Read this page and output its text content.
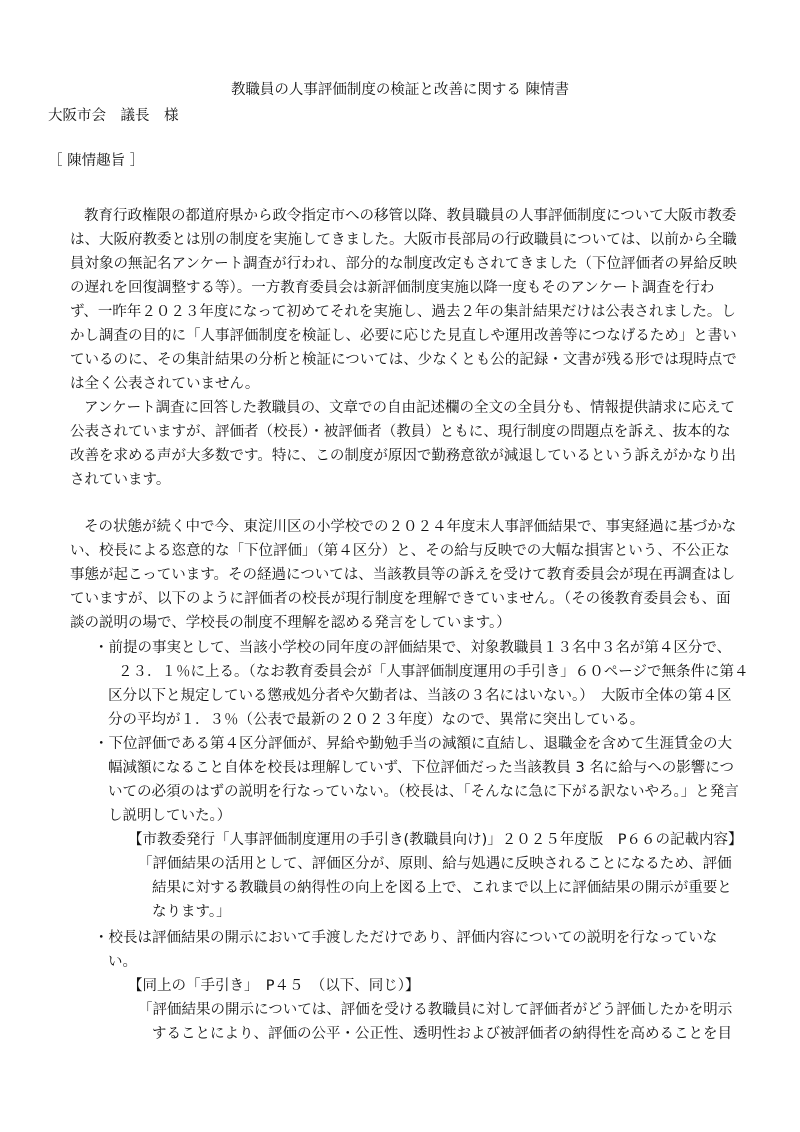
教職員の人事評価制度の検証と改善に関する 陳情書
大阪市会　議長　様
［ 陳情趣旨 ］
教育行政権限の都道府県から政令指定市への移管以降、教員職員の人事評価制度について大阪市教委
は、大阪府教委とは別の制度を実施してきました。大阪市長部局の行政職員については、以前から全職
員対象の無記名アンケート調査が行われ、部分的な制度改定もされてきました（下位評価者の昇給反映
の遅れを回復調整する等）。一方教育委員会は新評価制度実施以降一度もそのアンケート調査を行わ
ず、一昨年２０２３年度になって初めてそれを実施し、過去２年の集計結果だけは公表されました。し
かし調査の目的に「人事評価制度を検証し、必要に応じた見直しや運用改善等につなげるため」と書い
ているのに、その集計結果の分析と検証については、少なくとも公的記録・文書が残る形では現時点で
は全く公表されていません。
アンケート調査に回答した教職員の、文章での自由記述欄の全文の全員分も、情報提供請求に応えて
公表されていますが、評価者（校長）・被評価者（教員）ともに、現行制度の問題点を訴え、抜本的な
改善を求める声が大多数です。特に、この制度が原因で勤務意欲が減退しているという訴えがかなり出
されています。
その状態が続く中で今、東淀川区の小学校での２０２４年度末人事評価結果で、事実経過に基づかな
い、校長による恣意的な「下位評価」（第４区分）と、その給与反映での大幅な損害という、不公正な
事態が起こっています。その経過については、当該教員等の訴えを受けて教育委員会が現在再調査はし
ていますが、以下のように評価者の校長が現行制度を理解できていません。（その後教育委員会も、面
談の説明の場で、学校長の制度不理解を認める発言をしています。）
・前提の事実として、当該小学校の同年度の評価結果で、対象教職員１３名中３名が第４区分で、
２３．１％に上る。（なお教育委員会が「人事評価制度運用の手引き」６０ページで無条件に第４
区分以下と規定している懲戒処分者や欠勤者は、当該の３名にはいない。）　大阪市全体の第４区
分の平均が１．３％（公表で最新の２０２３年度）なので、異常に突出している。
・下位評価である第４区分評価が、昇給や勤勉手当の減額に直結し、退職金を含めて生涯賃金の大
幅減額になること自体を校長は理解していず、下位評価だった当該教員 3 名に給与への影響につ
いての必須のはずの説明を行なっていない。（校長は、「そんなに急に下がる訳ないやろ。」と発言
し説明していた。）
【市教委発行「人事評価制度運用の手引き(教職員向け)」２０２５年度版　P６６の記載内容】
「評価結果の活用として、評価区分が、原則、給与処遇に反映されることになるため、評価
結果に対する教職員の納得性の向上を図る上で、これまで以上に評価結果の開示が重要と
なります。」
・校長は評価結果の開示において手渡しただけであり、評価内容についての説明を行なっていな
い。
【同上の「手引き」　P４５　（以下、同じ）】
「評価結果の開示については、評価を受ける教職員に対して評価者がどう評価したかを明示
することにより、評価の公平・公正性、透明性および被評価者の納得性を高めることを目
